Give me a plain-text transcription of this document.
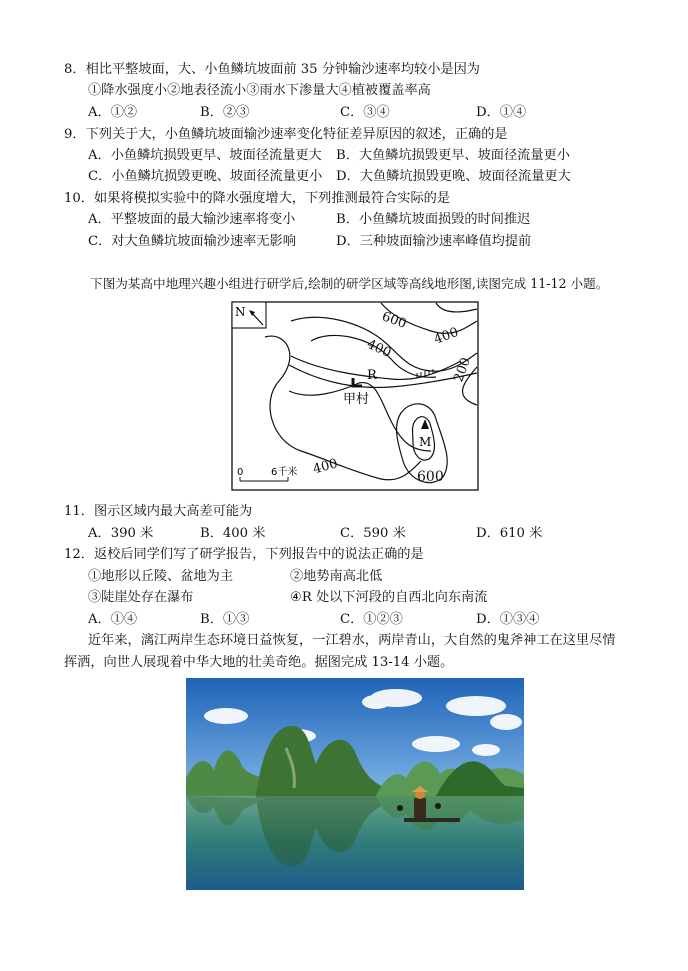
8．相比平整坡面，大、小鱼鳞坑坡面前 35 分钟输沙速率均较小是因为
①降水强度小②地表径流小③雨水下渗量大④植被覆盖率高
A．①②	B．②③	C．③④	D．①④
9．下列关于大，小鱼鳞坑坡面输沙速率变化特征差异原因的叙述，正确的是
A．小鱼鳞坑损毁更早、坡面径流量更大 B．大鱼鳞坑损毁更早、坡面径流量更小
C．小鱼鳞坑损毁更晚、坡面径流量更小 D．大鱼鳞坑损毁更晚、坡面径流量更大
10．如果将模拟实验中的降水强度增大，下列推测最符合实际的是
A．平整坡面的最大输沙速率将变小	B．小鱼鳞坑坡面损毁的时间推迟
C．对大鱼鳞坑坡面输沙速率无影响	D．三种坡面输沙速率峰值均提前
下图为某高中地理兴趣小组进行研学后,绘制的研学区域等高线地形图,读图完成 11-12 小题。
N	600
400
400
200
400	600
R
甲村
M
0	6千米
11．图示区域内最大高差可能为
A．390 米	B．400 米	C．590 米	D．610 米
12．返校后同学们写了研学报告，下列报告中的说法正确的是
①地形以丘陵、盆地为主	②地势南高北低
③陡崖处存在瀑布	④R 处以下河段的自西北向东南流
A．①④	B．①③	C．①②③	D．①③④
近年来，漓江两岸生态环境日益恢复，一江碧水，两岸青山，大自然的鬼斧神工在这里尽情
挥洒，向世人展现着中华大地的壮美奇绝。据图完成 13-14 小题。
